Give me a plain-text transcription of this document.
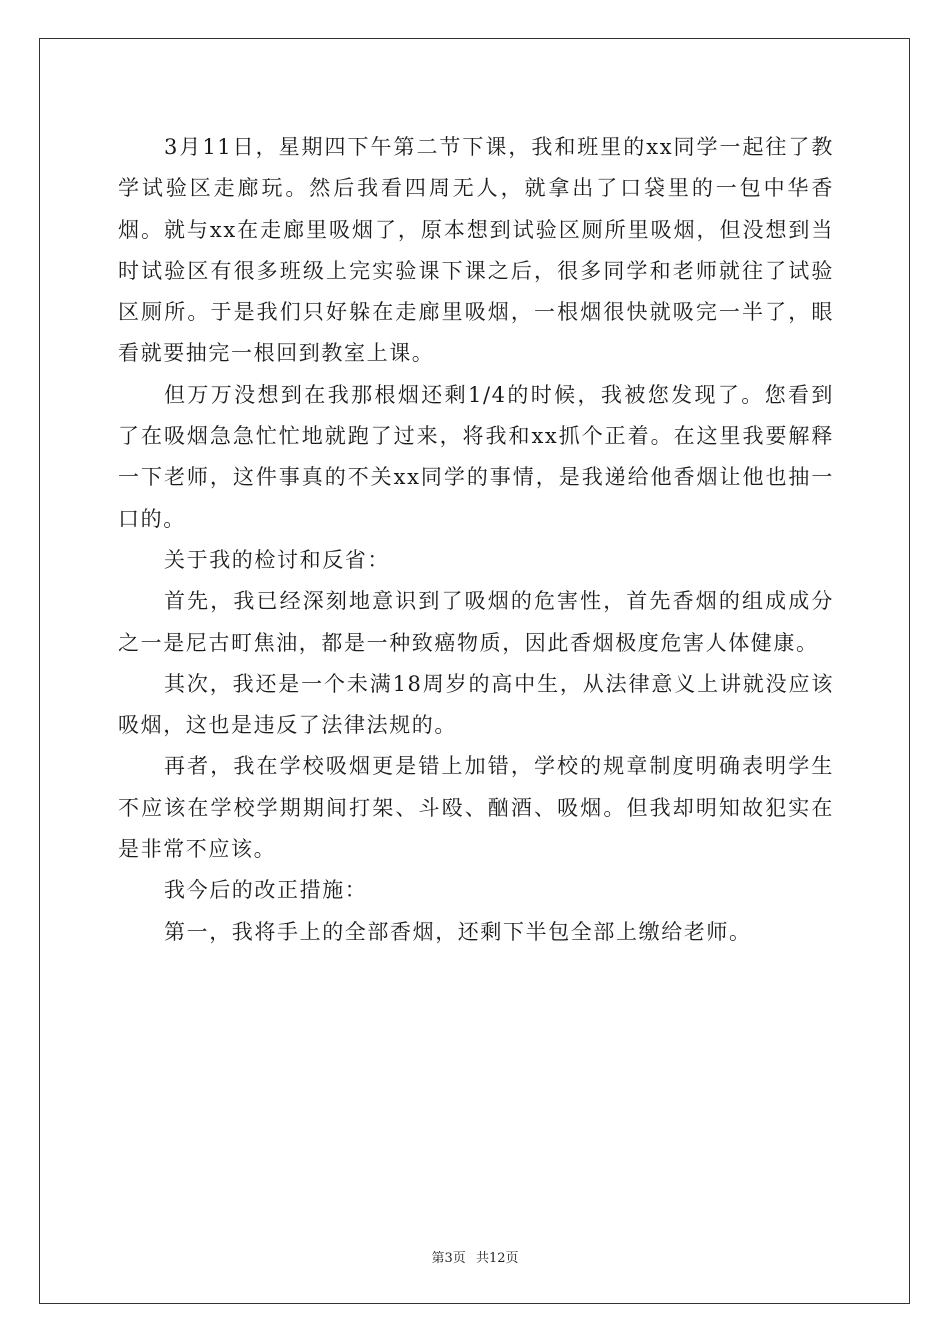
3月11日，星期四下午第二节下课，我和班里的xx同学一起往了教学试验区走廊玩。然后我看四周无人，就拿出了口袋里的一包中华香烟。就与xx在走廊里吸烟了，原本想到试验区厕所里吸烟，但没想到当时试验区有很多班级上完实验课下课之后，很多同学和老师就往了试验区厕所。于是我们只好躲在走廊里吸烟，一根烟很快就吸完一半了，眼看就要抽完一根回到教室上课。

但万万没想到在我那根烟还剩1/4的时候，我被您发现了。您看到了在吸烟急急忙忙地就跑了过来，将我和xx抓个正着。在这里我要解释一下老师，这件事真的不关xx同学的事情，是我递给他香烟让他也抽一口的。

关于我的检讨和反省：

首先，我已经深刻地意识到了吸烟的危害性，首先香烟的组成成分之一是尼古町焦油，都是一种致癌物质，因此香烟极度危害人体健康。

其次，我还是一个未满18周岁的高中生，从法律意义上讲就没应该吸烟，这也是违反了法律法规的。

再者，我在学校吸烟更是错上加错，学校的规章制度明确表明学生不应该在学校学期期间打架、斗殴、酗酒、吸烟。但我却明知故犯实在是非常不应该。

我今后的改正措施：

第一，我将手上的全部香烟，还剩下半包全部上缴给老师。

第3页 共12页
